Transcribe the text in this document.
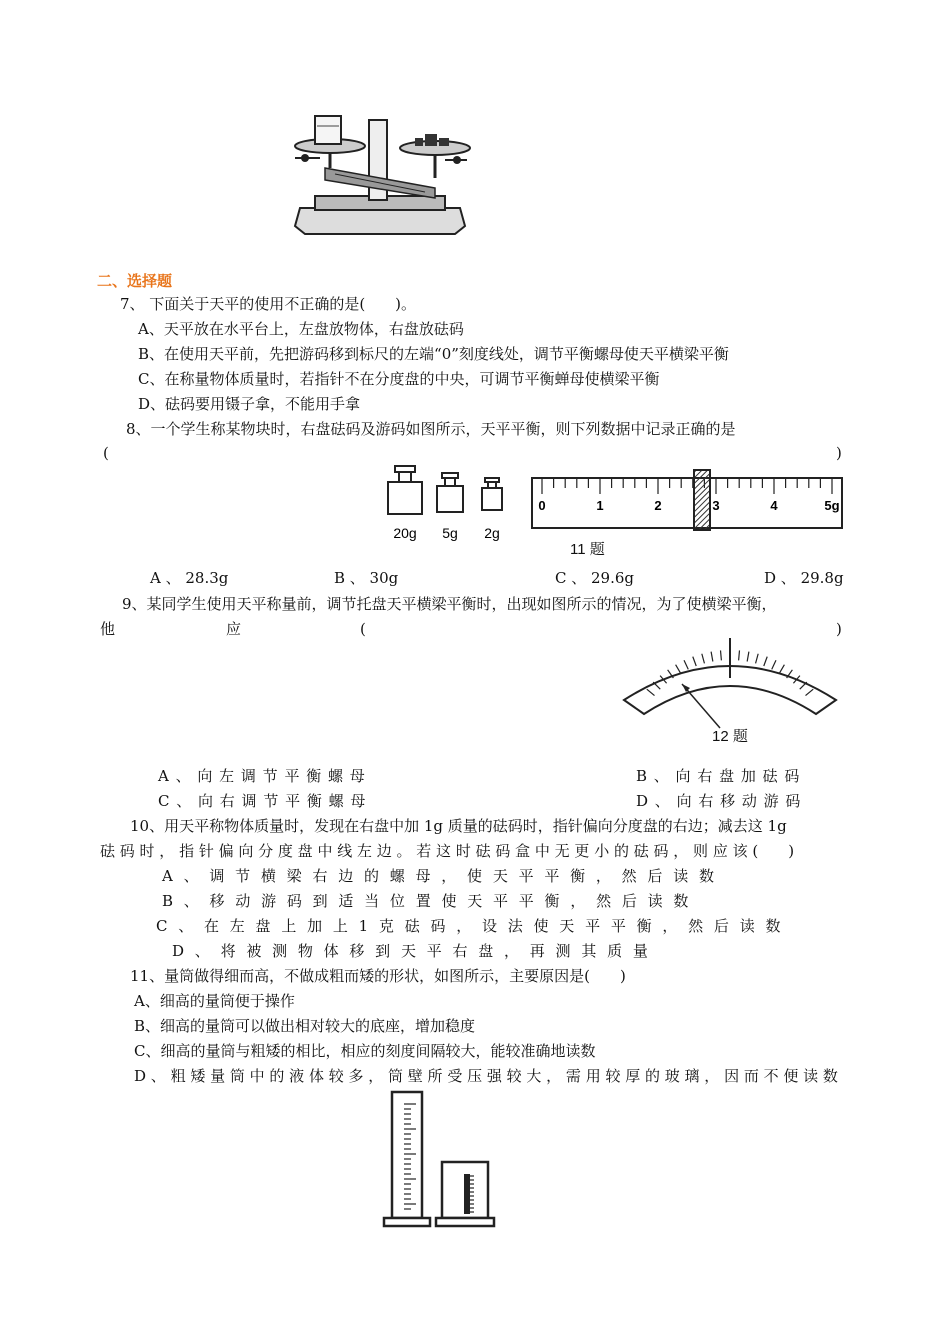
二、选择题
7、 下面关于天平的使用不正确的是(　　)。
A、天平放在水平台上，左盘放物体，右盘放砝码
B、在使用天平前，先把游码移到标尺的左端“0”刻度线处，调节平衡螺母使天平横梁平衡
C、在称量物体质量时，若指针不在分度盘的中央，可调节平衡蝉母使横梁平衡
D、砝码要用镊子拿，不能用手拿
8、一个学生称某物块时，右盘砝码及游码如图所示，天平平衡，则下列数据中记录正确的是
(	)
20g 5g 2g
0	1	2	3	4	5g
11 题
A 、 28.3g	B 、 30g	C 、 29.6g	D 、 29.8g
9、某同学生使用天平称量前，调节托盘天平横梁平衡时，出现如图所示的情况，为了使横梁平衡，
他	应	(	)
12 题
A 、 向 左 调 节 平 衡 螺 母	B 、 向 右 盘 加 砝 码
C 、 向 右 调 节 平 衡 螺 母	D 、 向 右 移 动 游 码
10、用天平称物体质量时，发现在右盘中加 1g 质量的砝码时，指针偏向分度盘的右边；减去这 1g
砝 码 时 ， 指 针 偏 向 分 度 盘 中 线 左 边 。 若 这 时 砝 码 盒 中 无 更 小 的 砝 码 ， 则 应 该 (　　)
A 、 调 节 横 梁 右 边 的 螺 母 ， 使 天 平 平 衡 ， 然 后 读 数
B 、 移 动 游 码 到 适 当 位 置 使 天 平 平 衡 ， 然 后 读 数
C 、 在 左 盘 上 加 上 1 克 砝 码 ， 设 法 使 天 平 平 衡 ， 然 后 读 数
D 、 将 被 测 物 体 移 到 天 平 右 盘 ， 再 测 其 质 量
11、量筒做得细而高，不做成粗而矮的形状，如图所示，主要原因是(　　)
A、细高的量筒便于操作
B、细高的量筒可以做出相对较大的底座，增加稳度
C、细高的量筒与粗矮的相比，相应的刻度间隔较大，能较准确地读数
D 、 粗 矮 量 筒 中 的 液 体 较 多 ， 筒 壁 所 受 压 强 较 大 ， 需 用 较 厚 的 玻 璃 ， 因 而 不 便 读 数
